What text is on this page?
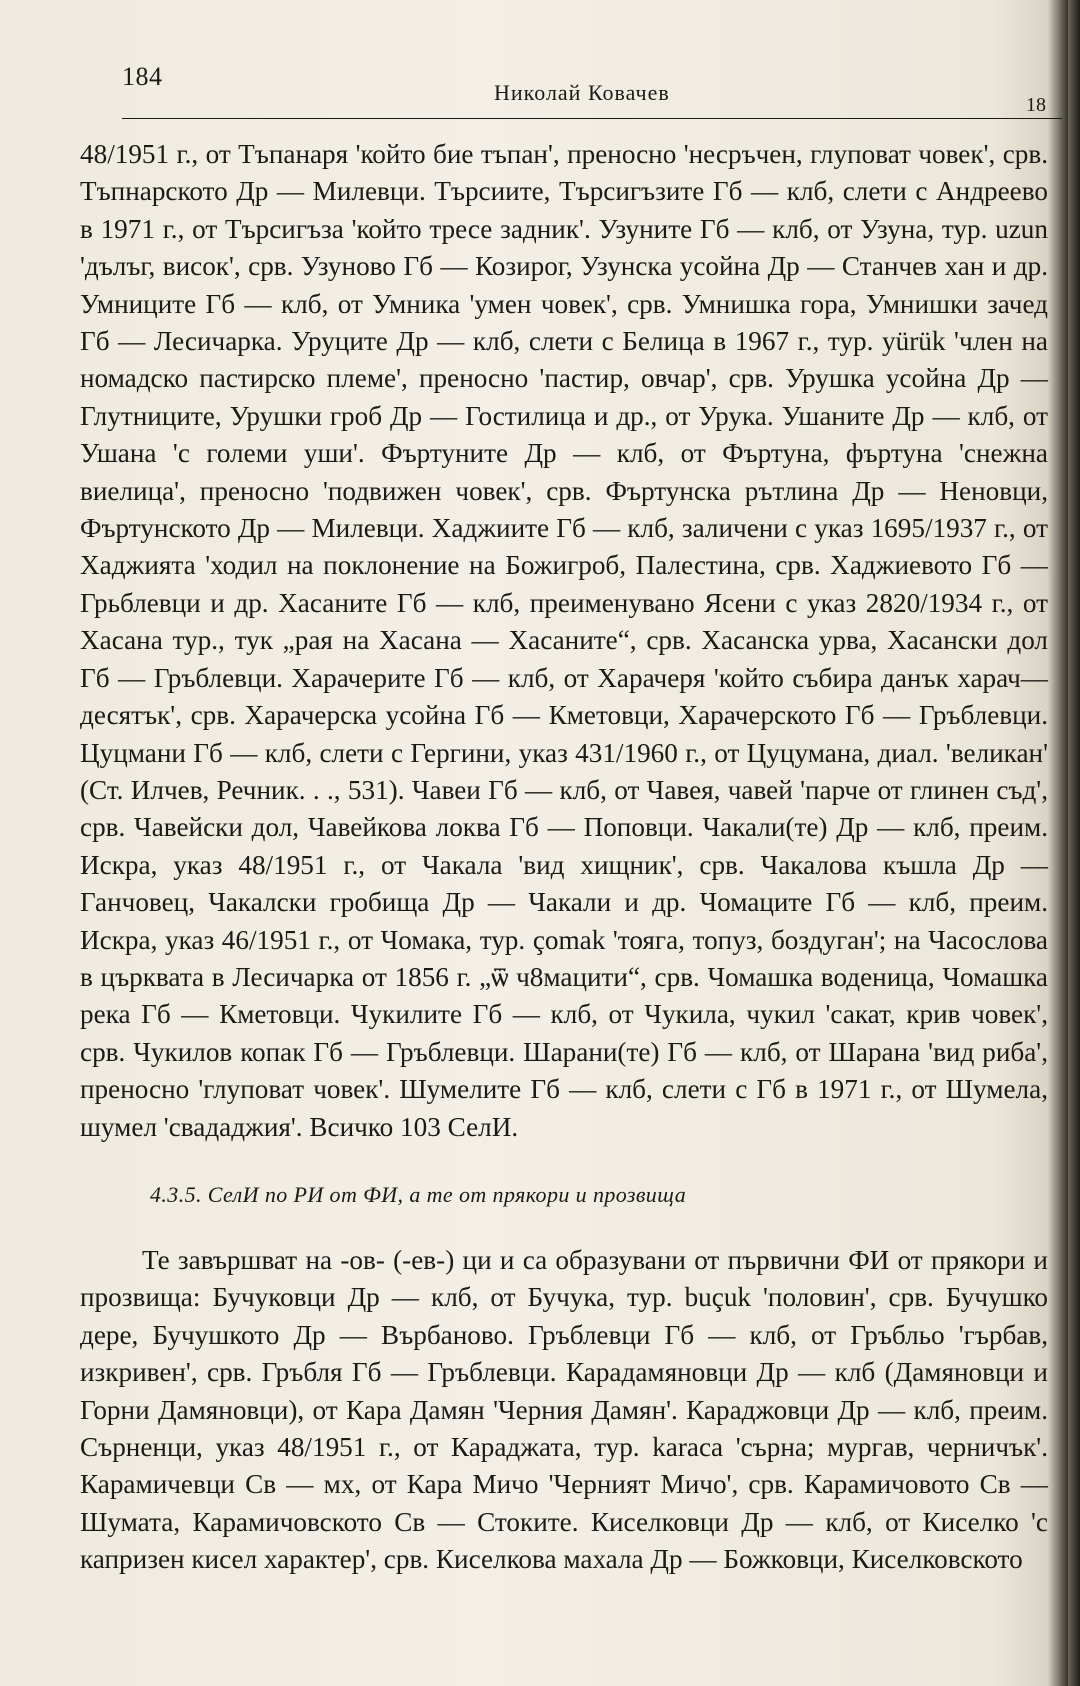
184
Николай Ковачев	18

48/1951 г., от Тъпанаря 'който бие тъпан', преносно 'несръчен, глуповат човек', срв. Тъпнарското Др — Милевци. Търсиите, Търсигъзите Гб — клб, слети с Андреево в 1971 г., от Търсигъза 'който тресе задник'. Узуните Гб — клб, от Узуна, тур. uzun 'дълъг, висок', срв. Узуново Гб — Козирог, Узунска усойна Др — Станчев хан и др. Умниците Гб — клб, от Умника 'умен човек', срв. Умнишка гора, Умнишки зачед Гб — Лесичарка. Уруците Др — клб, слети с Белица в 1967 г., тур. yürük 'член на номадско пастирско племе', преносно 'пастир, овчар', срв. Урушка усойна Др — Глутниците, Урушки гроб Др — Гостилица и др., от Урука. Ушаните Др — клб, от Ушана 'с големи уши'. Фъртуните Др — клб, от Фъртуна, фъртуна 'снежна виелица', преносно 'подвижен човек', срв. Фъртунска рътлина Др — Неновци, Фъртунското Др — Милевци. Хаджиите Гб — клб, заличени с указ 1695/1937 г., от Хаджията 'ходил на поклонение на Божигроб, Палестина, срв. Хаджиевото Гб — Грьблевци и др. Хасаните Гб — клб, преименувано Ясени с указ 2820/1934 г., от Хасана тур., тук „рая на Хасана — Хасаните“, срв. Хасанска урва, Хасански дол Гб — Гръблевци. Харачерите Гб — клб, от Харачеря 'който събира данък харач—десятък', срв. Харачерска усойна Гб — Кметовци, Харачерското Гб — Гръблевци. Цуцмани Гб — клб, слети с Гергини, указ 431/1960 г., от Цуцумана, диал. 'великан' (Ст. Илчев, Речник. . ., 531). Чавеи Гб — клб, от Чавея, чавей 'парче от глинен съд', срв. Чавейски дол, Чавейкова локва Гб — Поповци. Чакали(те) Др — клб, преим. Искра, указ 48/1951 г., от Чакала 'вид хищник', срв. Чакалова къшла Др — Ганчовец, Чакалски гробища Др — Чакали и др. Чомаците Гб — клб, преим. Искра, указ 46/1951 г., от Чомака, тур. çomak 'тояга, топуз, боздуган'; на Часослова в църквата в Лесичарка от 1856 г. „ѿ ч8мацити“, срв. Чомашка воденица, Чомашка река Гб — Кметовци. Чукилите Гб — клб, от Чукила, чукил 'сакат, крив човек', срв. Чукилов копак Гб — Гръблевци. Шарани(те) Гб — клб, от Шарана 'вид риба', преносно 'глуповат човек'. Шумелите Гб — клб, слети с Гб в 1971 г., от Шумела, шумел 'свададжия'. Всичко 103 СелИ.

4.3.5. СелИ по РИ от ФИ, а те от прякори и прозвища

Те завършват на -ов- (-ев-) ци и са образувани от първични ФИ от прякори и прозвища: Бучуковци Др — клб, от Бучука, тур. buçuk 'половин', срв. Бучушко дере, Бучушкото Др — Върбаново. Гръблевци Гб — клб, от Гръбльо 'гърбав, изкривен', срв. Гръбля Гб — Гръблевци. Карадамяновци Др — клб (Дамяновци и Горни Дамяновци), от Кара Дамян 'Черния Дамян'. Караджовци Др — клб, преим. Сърненци, указ 48/1951 г., от Караджата, тур. karaca 'сърна; мургав, черничък'. Карамичевци Св — мх, от Кара Мичо 'Черният Мичо', срв. Карамичовото Св — Шумата, Карамичовското Св — Стоките. Киселковци Др — клб, от Киселко 'с капризен кисел характер', срв. Киселкова махала Др — Божковци, Киселковското
